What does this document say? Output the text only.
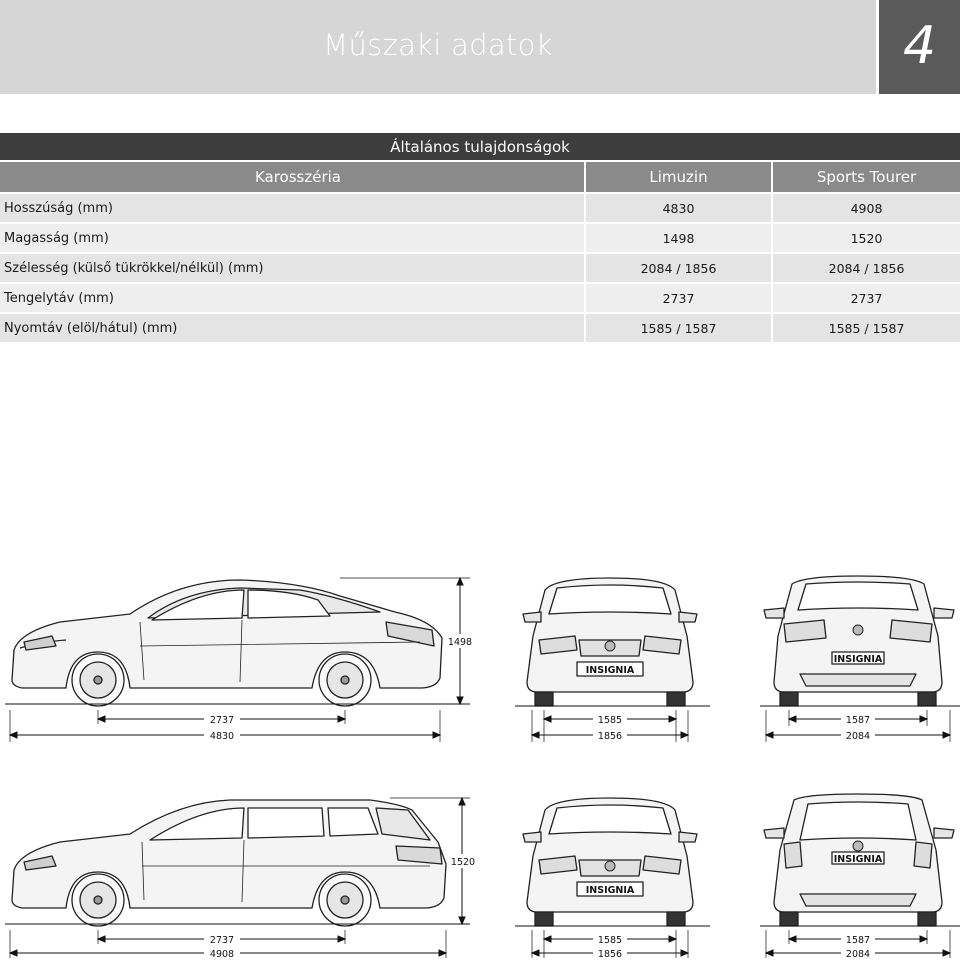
Műszaki adatok	4
Általános tulajdonságok		
Karosszéria	Limuzin	Sports Tourer
Hosszúság (mm)	4830	4908
Magasság (mm)	1498	1520
Szélesség (külső tükrökkel/nélkül) (mm)	2084 / 1856	2084 / 1856
Tengelytáv (mm)	2737	2737
Nyomtáv (elöl/hátul) (mm)	1585 / 1587	1585 / 1587
1498
2737
4830
INSIGNIA
1585
1856
INSIGNIA
1587
2084
1520
2737
4908
INSIGNIA
1585
1856
INSIGNIA
1587
2084
